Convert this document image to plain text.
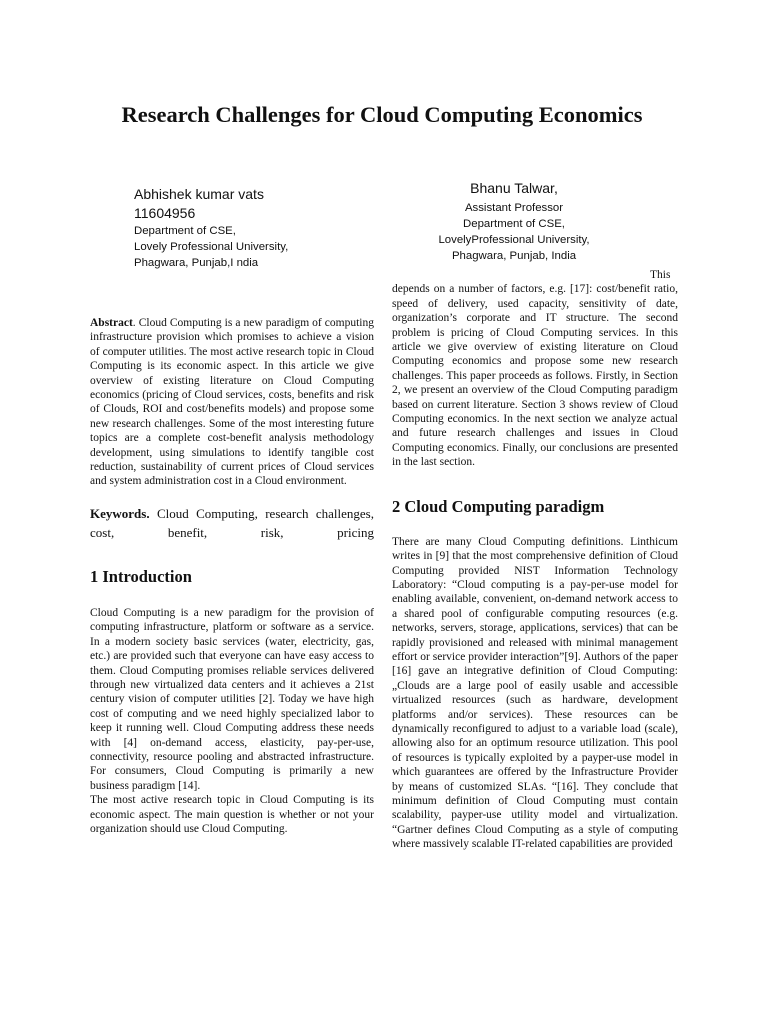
Research Challenges for Cloud Computing Economics
Abhishek kumar vats
11604956
Department of CSE,
Lovely Professional University,
Phagwara, Punjab,I ndia
Bhanu Talwar,
Assistant Professor
Department of CSE,
LovelyProfessional University,
Phagwara, Punjab, India

Abstract. Cloud Computing is a new paradigm of computing infrastructure provision which promises to achieve a vision of computer utilities. The most active research topic in Cloud Computing is its economic aspect. In this article we give overview of existing literature on Cloud Computing economics (pricing of Cloud services, costs, benefits and risk of Clouds, ROI and cost/benefits models) and propose some new research challenges. Some of the most interesting future topics are a complete cost-benefit analysis methodology development, using simulations to identify tangible cost reduction, sustainability of current prices of Cloud services and system administration cost in a Cloud environment.

Keywords. Cloud Computing, research challenges, cost, benefit, risk, pricing

1 Introduction

Cloud Computing is a new paradigm for the provision of computing infrastructure, platform or software as a service. In a modern society basic services (water, electricity, gas, etc.) are provided such that everyone can have easy access to them. Cloud Computing promises reliable services delivered through new virtualized data centers and it achieves a 21st century vision of computer utilities [2]. Today we have high cost of computing and we need highly specialized labor to keep it running well. Cloud Computing address these needs with [4] on-demand access, elasticity, pay-per-use, connectivity, resource pooling and abstracted infrastructure. For consumers, Cloud Computing is primarily a new business paradigm [14].

The most active research topic in Cloud Computing is its economic aspect. The main question is whether or not your organization should use Cloud Computing.

This depends on a number of factors, e.g. [17]: cost/benefit ratio, speed of delivery, used capacity, sensitivity of date, organization’s corporate and IT structure. The second problem is pricing of Cloud Computing services. In this article we give overview of existing literature on Cloud Computing economics and propose some new research challenges. This paper proceeds as follows. Firstly, in Section 2, we present an overview of the Cloud Computing paradigm based on current literature. Section 3 shows review of Cloud Computing economics. In the next section we analyze actual and future research challenges and issues in Cloud Computing economics. Finally, our conclusions are presented in the last section.

2 Cloud Computing paradigm

There are many Cloud Computing definitions. Linthicum writes in [9] that the most comprehensive definition of Cloud Computing provided NIST Information Technology Laboratory: “Cloud computing is a pay-per-use model for enabling available, convenient, on-demand network access to a shared pool of configurable computing resources (e.g. networks, servers, storage, applications, services) that can be rapidly provisioned and released with minimal management effort or service provider interaction”[9]. Authors of the paper [16] gave an integrative definition of Cloud Computing: „Clouds are a large pool of easily usable and accessible virtualized resources (such as hardware, development platforms and/or services). These resources can be dynamically reconfigured to adjust to a variable load (scale), allowing also for an optimum resource utilization. This pool of resources is typically exploited by a payper-use model in which guarantees are offered by the Infrastructure Provider by means of customized SLAs. “[16]. They conclude that minimum definition of Cloud Computing must contain scalability, payper-use utility model and virtualization. “Gartner defines Cloud Computing as a style of computing where massively scalable IT-related capabilities are provided
